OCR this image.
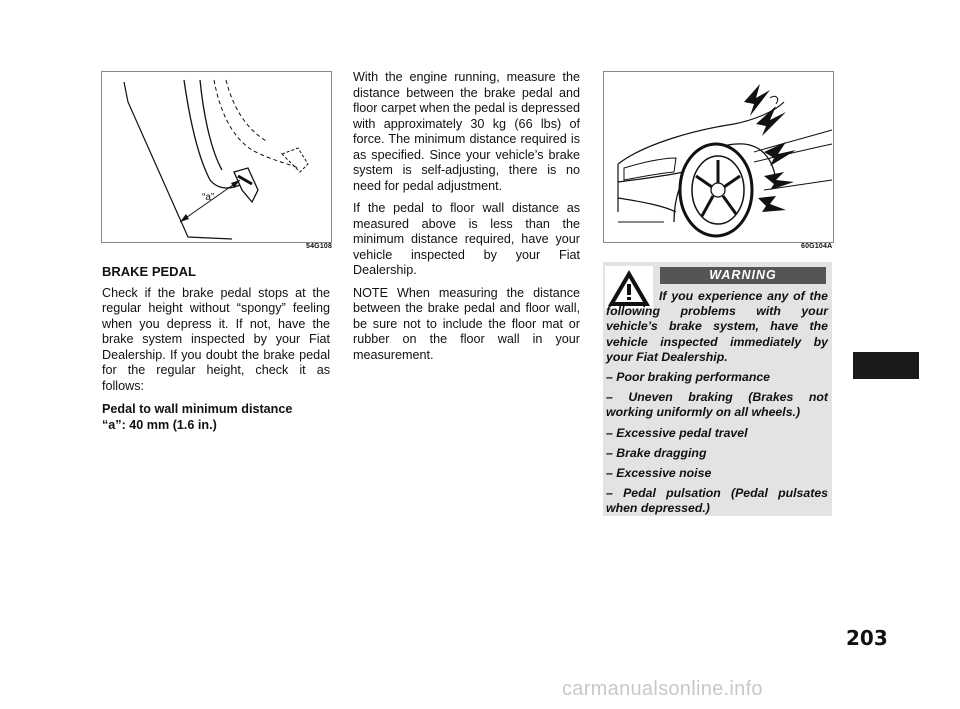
“a”
54G108
BRAKE PEDAL

Check if the brake pedal stops at the regular height without “spongy” feeling when you depress it. If not, have the brake system inspected by your Fiat Dealership. If you doubt the brake pedal for the regular height, check it as follows:

Pedal to wall minimum distance
“a”: 40 mm (1.6 in.)

With the engine running, measure the distance between the brake pedal and floor carpet when the pedal is depressed with approximately 30 kg (66 lbs) of force. The minimum distance required is as specified. Since your vehicle’s brake system is self-adjusting, there is no need for pedal adjustment.

If the pedal to floor wall distance as measured above is less than the minimum distance required, have your vehicle inspected by your Fiat Dealership.

NOTE When measuring the distance between the brake pedal and floor wall, be sure not to include the floor mat or rubber on the floor wall in your measurement.

60G104A
WARNING

If you experience any of the following problems with your vehicle’s brake system, have the vehicle inspected immediately by your Fiat Dealership.

– Poor braking performance

– Uneven braking (Brakes not working uniformly on all wheels.)

– Excessive pedal travel

– Brake dragging

– Excessive noise

– Pedal pulsation (Pedal pulsates when depressed.)

203
carmanualsonline.info
